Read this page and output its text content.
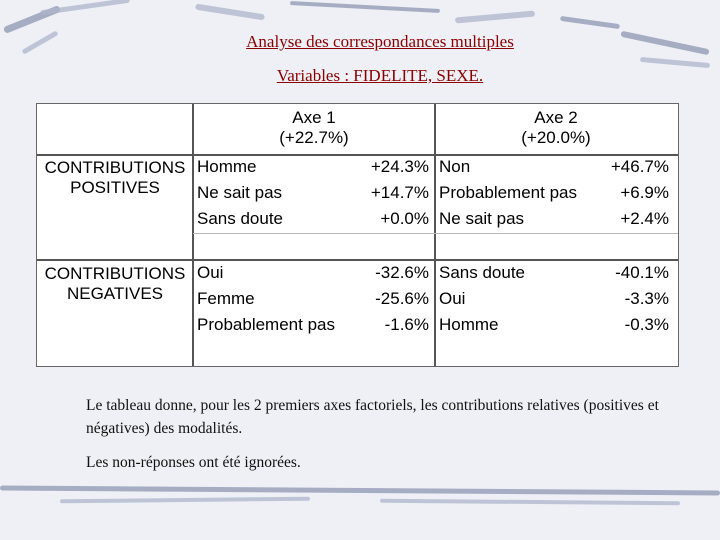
Analyse des correspondances multiples
Variables : FIDELITE, SEXE.
Axe 1
(+22.7%)
Axe 2
(+20.0%)
CONTRIBUTIONS
POSITIVES
Homme	+24.3% Non	+46.7%
Ne sait pas	+14.7% Probablement pas	+6.9%
Sans doute	+0.0% Ne sait pas	+2.4%
CONTRIBUTIONS
NEGATIVES
Oui	-32.6% Sans doute	-40.1%
Femme	-25.6% Oui	-3.3%
Probablement pas	-1.6% Homme	-0.3%

Le tableau donne, pour les 2 premiers axes factoriels, les contributions relatives (positives et négatives) des modalités.

Les non-réponses ont été ignorées.
